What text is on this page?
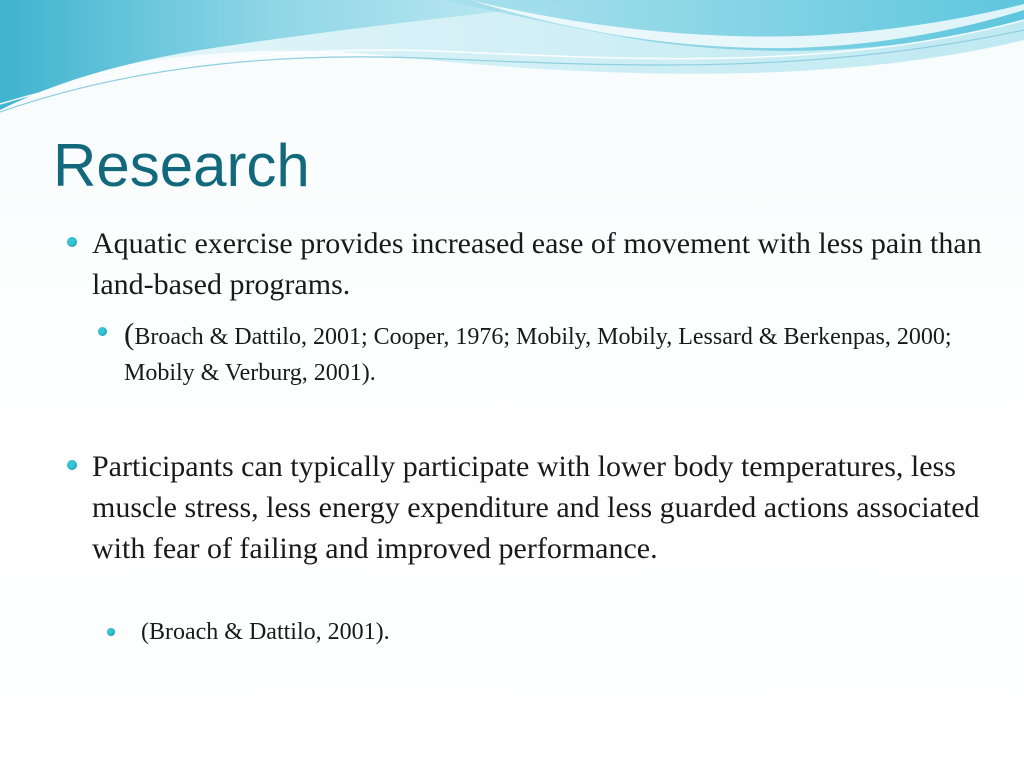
Research
Aquatic exercise provides increased ease of movement with less pain than land-based programs.
(Broach & Dattilo, 2001; Cooper, 1976; Mobily, Mobily, Lessard & Berkenpas, 2000; Mobily & Verburg, 2001).
Participants can typically participate with lower body temperatures, less muscle stress, less energy expenditure and less guarded actions associated with fear of failing and improved performance.
(Broach & Dattilo, 2001).
